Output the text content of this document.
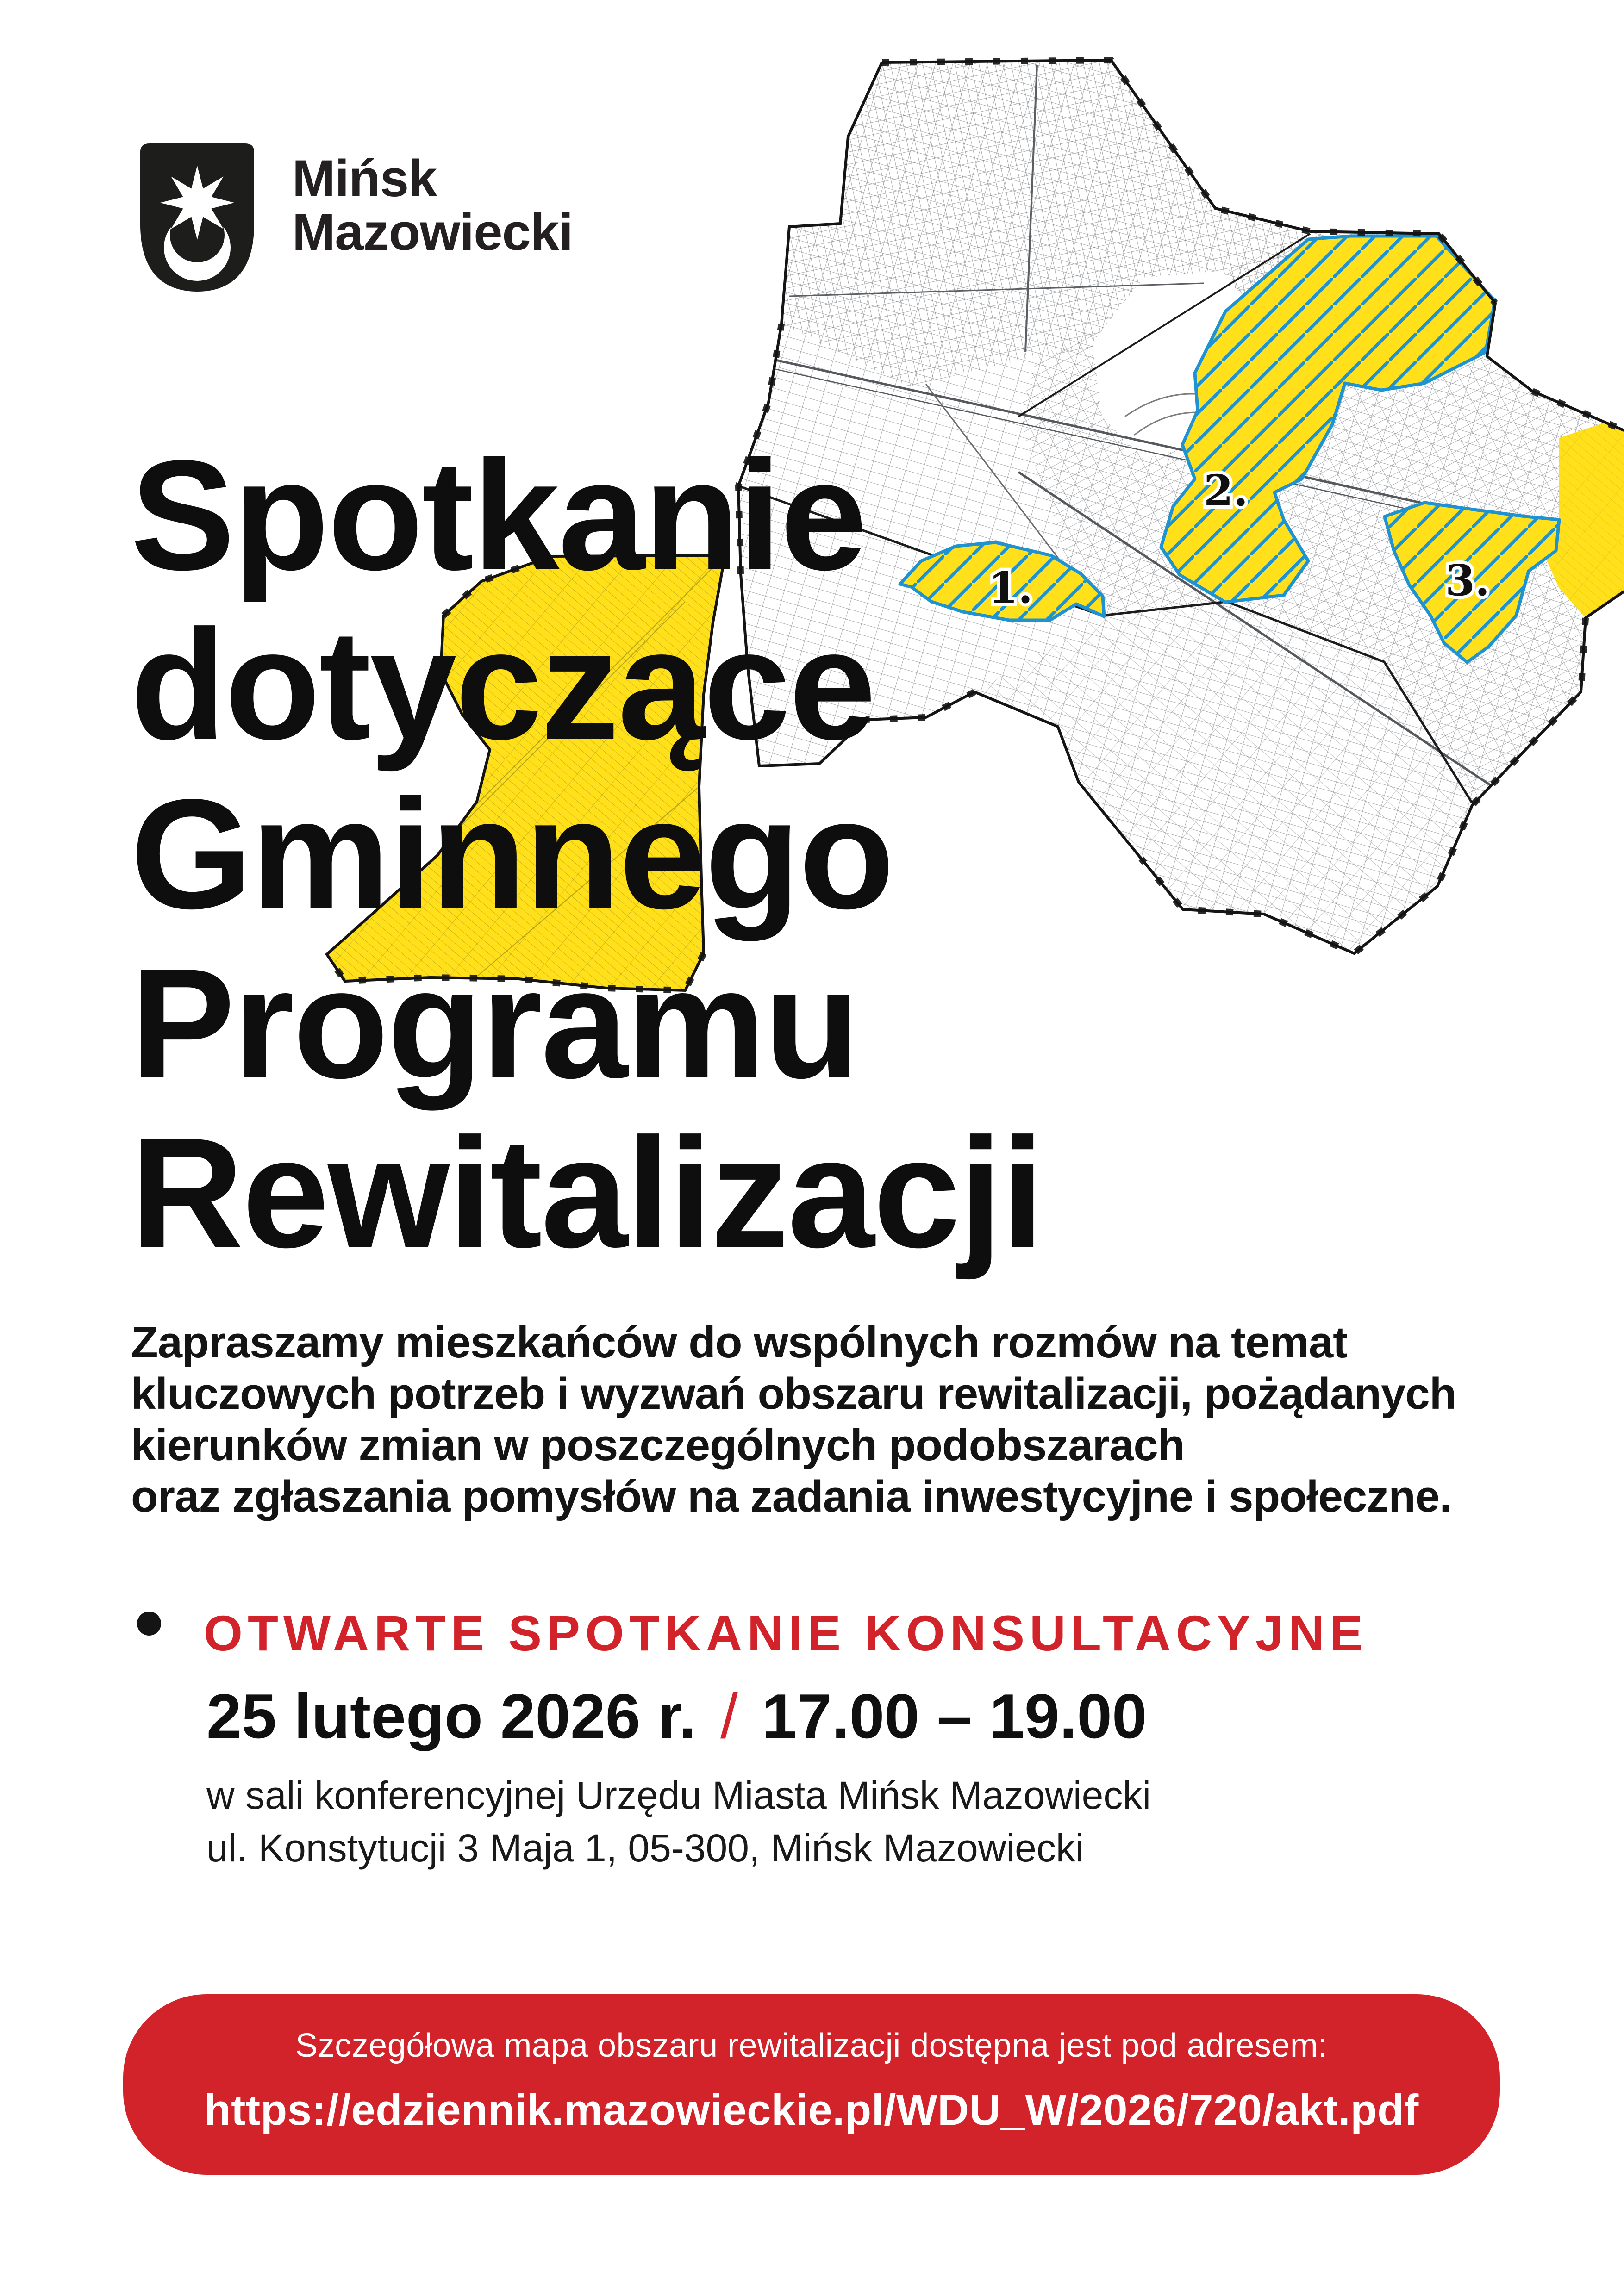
1.
2.
3.
Mińsk
Mazowiecki
Spotkanie
dotyczące
Gminnego
Programu
Rewitalizacji
Zapraszamy mieszkańców do wspólnych rozmów na temat
kluczowych potrzeb i wyzwań obszaru rewitalizacji, pożądanych
kierunków zmian w poszczególnych podobszarach
oraz zgłaszania pomysłów na zadania inwestycyjne i społeczne.
OTWARTE SPOTKANIE KONSULTACYJNE
25 lutego 2026 r. / 17.00 – 19.00
w sali konferencyjnej Urzędu Miasta Mińsk Mazowiecki
ul. Konstytucji 3 Maja 1, 05-300, Mińsk Mazowiecki
Szczegółowa mapa obszaru rewitalizacji dostępna jest pod adresem:
https://edziennik.mazowieckie.pl/WDU_W/2026/720/akt.pdf
